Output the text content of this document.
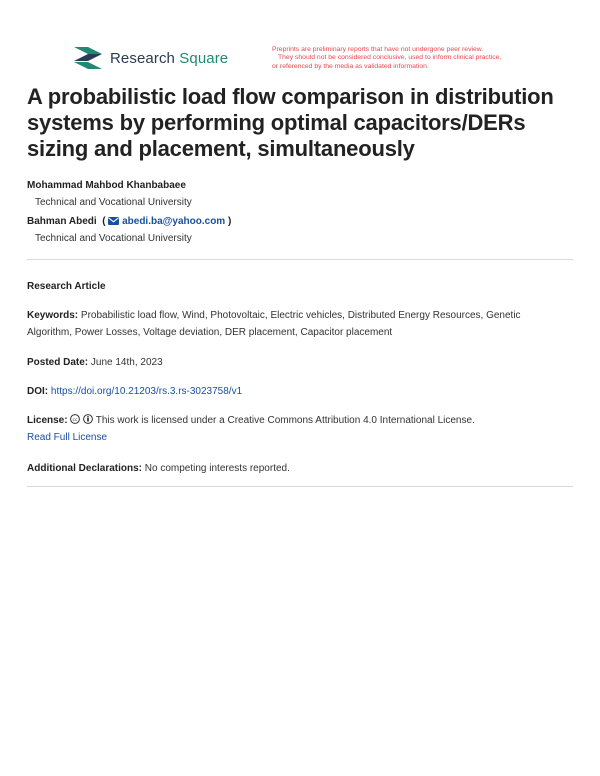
Research Square	Preprints are preliminary reports that have not undergone peer review.
They should not be considered conclusive, used to inform clinical practice,
or referenced by the media as validated information.
A probabilistic load flow comparison in distribution systems by performing optimal capacitors/DERs sizing and placement, simultaneously
Mohammad Mahbod Khanbabaee
Technical and Vocational University
Bahman Abedi  ( abedi.ba@yahoo.com )
Technical and Vocational University
Research Article
Keywords: Probabilistic load flow, Wind, Photovoltaic, Electric vehicles, Distributed Energy Resources, Genetic Algorithm, Power Losses, Voltage deviation, DER placement, Capacitor placement
Posted Date: June 14th, 2023
DOI: https://doi.org/10.21203/rs.3.rs-3023758/v1
License: cc This work is licensed under a Creative Commons Attribution 4.0 International License.
Read Full License
Additional Declarations: No competing interests reported.
